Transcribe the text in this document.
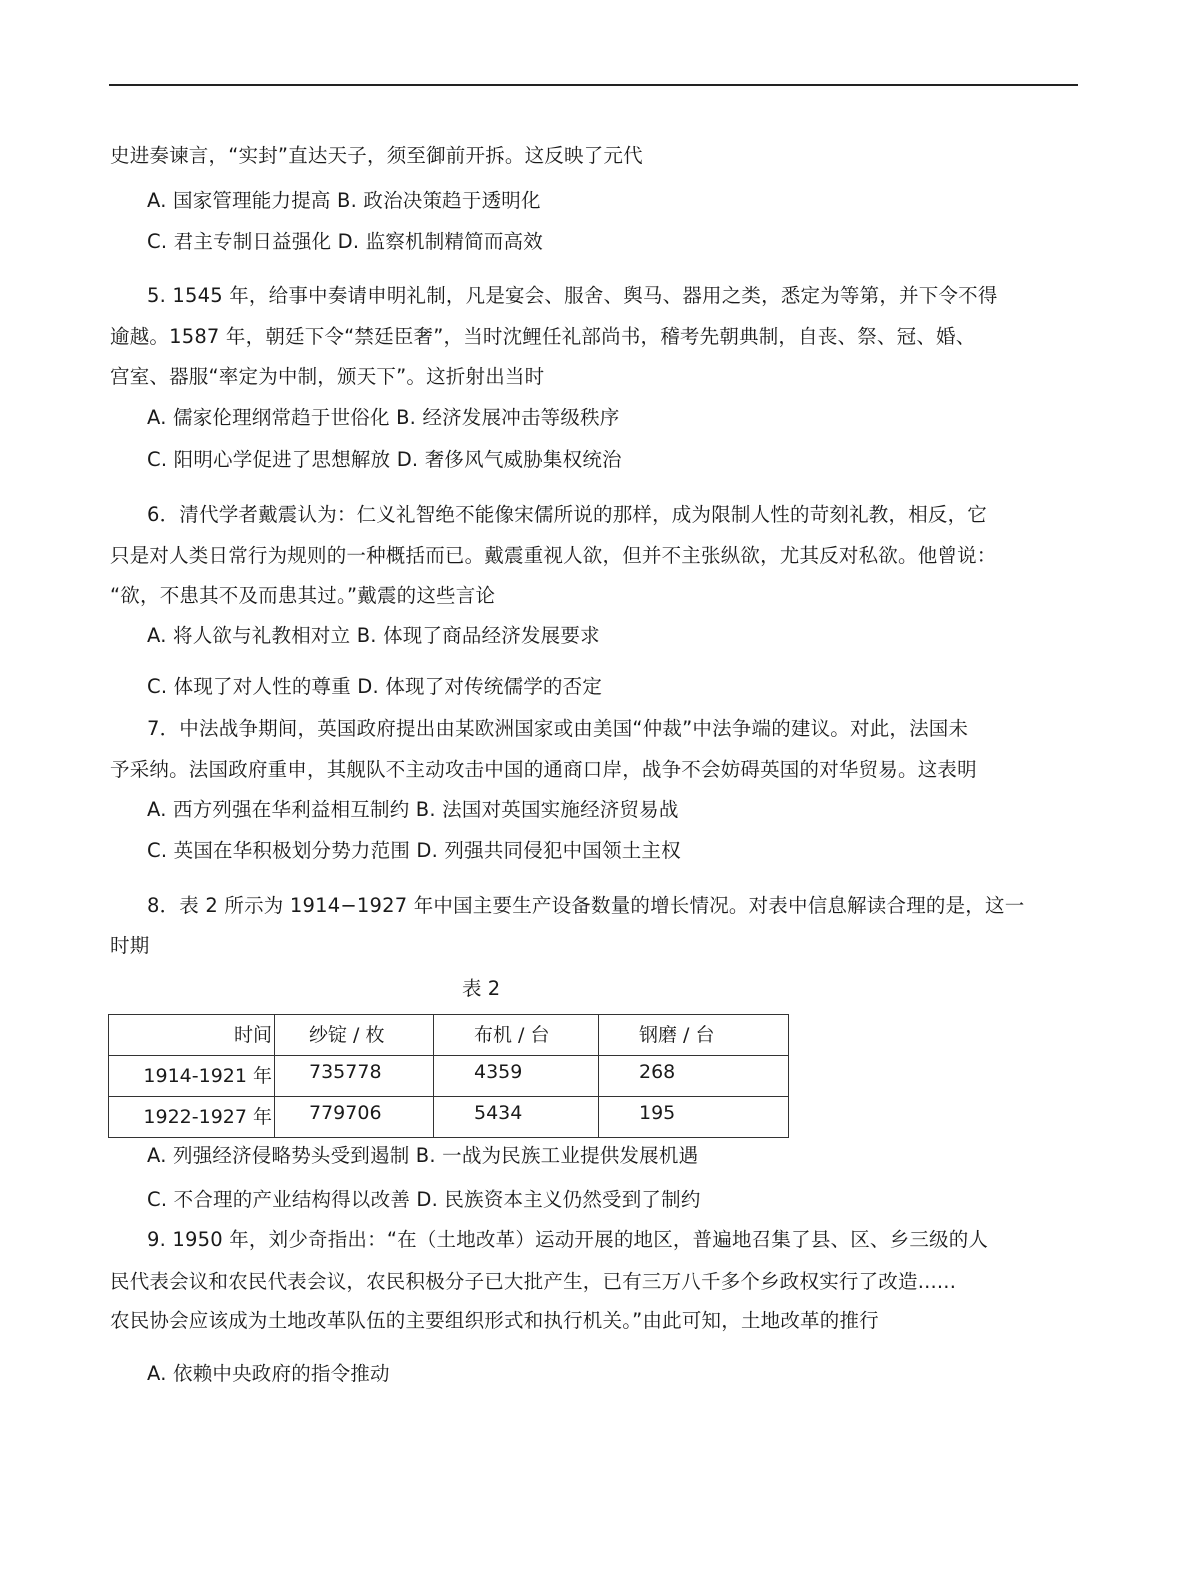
史进奏谏言，“实封”直达天子，须至御前开拆。这反映了元代
A. 国家管理能力提高 B. 政治决策趋于透明化
C. 君主专制日益强化 D. 监察机制精简而高效
5. 1545 年，给事中奏请申明礼制，凡是宴会、服舍、舆马、器用之类，悉定为等第，并下令不得
逾越。1587 年，朝廷下令“禁廷臣奢”，当时沈鲤任礼部尚书，稽考先朝典制，自丧、祭、冠、婚、
宫室、器服“率定为中制，颁天下”。这折射出当时
A. 儒家伦理纲常趋于世俗化 B. 经济发展冲击等级秩序
C. 阳明心学促进了思想解放 D. 奢侈风气威胁集权统治
6．清代学者戴震认为：仁义礼智绝不能像宋儒所说的那样，成为限制人性的苛刻礼教，相反，它
只是对人类日常行为规则的一种概括而已。戴震重视人欲，但并不主张纵欲，尤其反对私欲。他曾说：
“欲，不患其不及而患其过。”戴震的这些言论
A. 将人欲与礼教相对立 B. 体现了商品经济发展要求
C. 体现了对人性的尊重 D. 体现了对传统儒学的否定
7．中法战争期间，英国政府提出由某欧洲国家或由美国“仲裁”中法争端的建议。对此，法国未
予采纳。法国政府重申，其舰队不主动攻击中国的通商口岸，战争不会妨碍英国的对华贸易。这表明
A. 西方列强在华利益相互制约 B. 法国对英国实施经济贸易战
C. 英国在华积极划分势力范围 D. 列强共同侵犯中国领土主权
8．表 2 所示为 1914−1927 年中国主要生产设备数量的增长情况。对表中信息解读合理的是，这一
时期
表 2
时间	纱锭 / 枚	布机 / 台	钢磨 / 台

1914-1921 年	735778	4359	268

1922-1927 年	779706	5434	195
A. 列强经济侵略势头受到遏制 B. 一战为民族工业提供发展机遇
C. 不合理的产业结构得以改善 D. 民族资本主义仍然受到了制约
9. 1950 年，刘少奇指出：“在（土地改革）运动开展的地区，普遍地召集了县、区、乡三级的人
民代表会议和农民代表会议，农民积极分子已大批产生，已有三万八千多个乡政权实行了改造......
农民协会应该成为土地改革队伍的主要组织形式和执行机关。”由此可知，土地改革的推行
A. 依赖中央政府的指令推动
